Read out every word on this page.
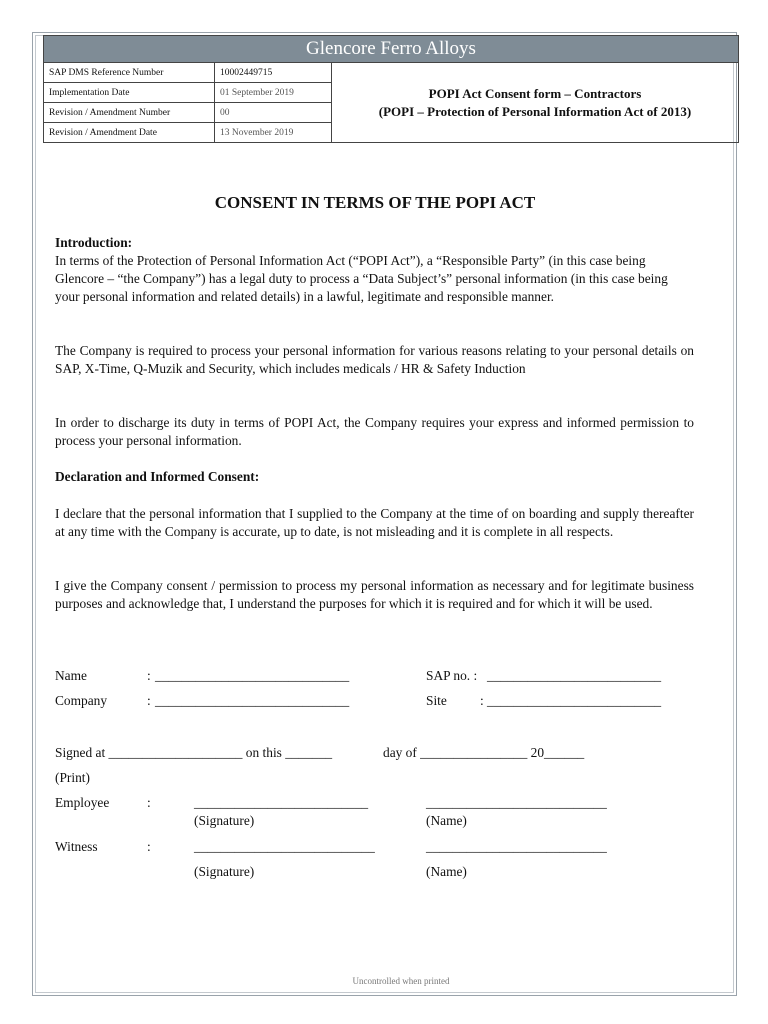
Glencore Ferro Alloys		
SAP DMS Reference Number	10002449715	POPI Act Consent form – Contractors
(POPI – Protection of Personal Information Act of 2013)

Implementation Date	01 September 2019	
Revision / Amendment Number	00	
Revision / Amendment Date	13 November 2019	
CONSENT IN TERMS OF THE POPI ACT

Introduction:

In terms of the Protection of Personal Information Act (“POPI Act”), a “Responsible Party” (in this case being Glencore – “the Company”) has a legal duty to process a “Data Subject’s” personal information (in this case being your personal information and related details) in a lawful, legitimate and responsible manner.

The Company is required to process your personal information for various reasons relating to your personal details on SAP, X-Time, Q-Muzik and Security, which includes medicals / HR & Safety Induction

In order to discharge its duty in terms of POPI Act, the Company requires your express and informed permission to process your personal information.

Declaration and Informed Consent:

I declare that the personal information that I supplied to the Company at the time of on boarding and supply thereafter at any time with the Company is accurate, up to date, is not misleading and it is complete in all respects.

I give the Company consent / permission to process my personal information as necessary and for legitimate business purposes and acknowledge that, I understand the purposes for which it is required and for which it will be used.

Name	: _____________________________	SAP no. : __________________________
Company	: _____________________________	Site : __________________________
Signed at ____________________ on this _______	day of ________________ 20______
(Print)
Employee	:	__________________________	___________________________
(Signature)	(Name)
Witness	:	___________________________	___________________________
(Signature)	(Name)
Uncontrolled when printed
